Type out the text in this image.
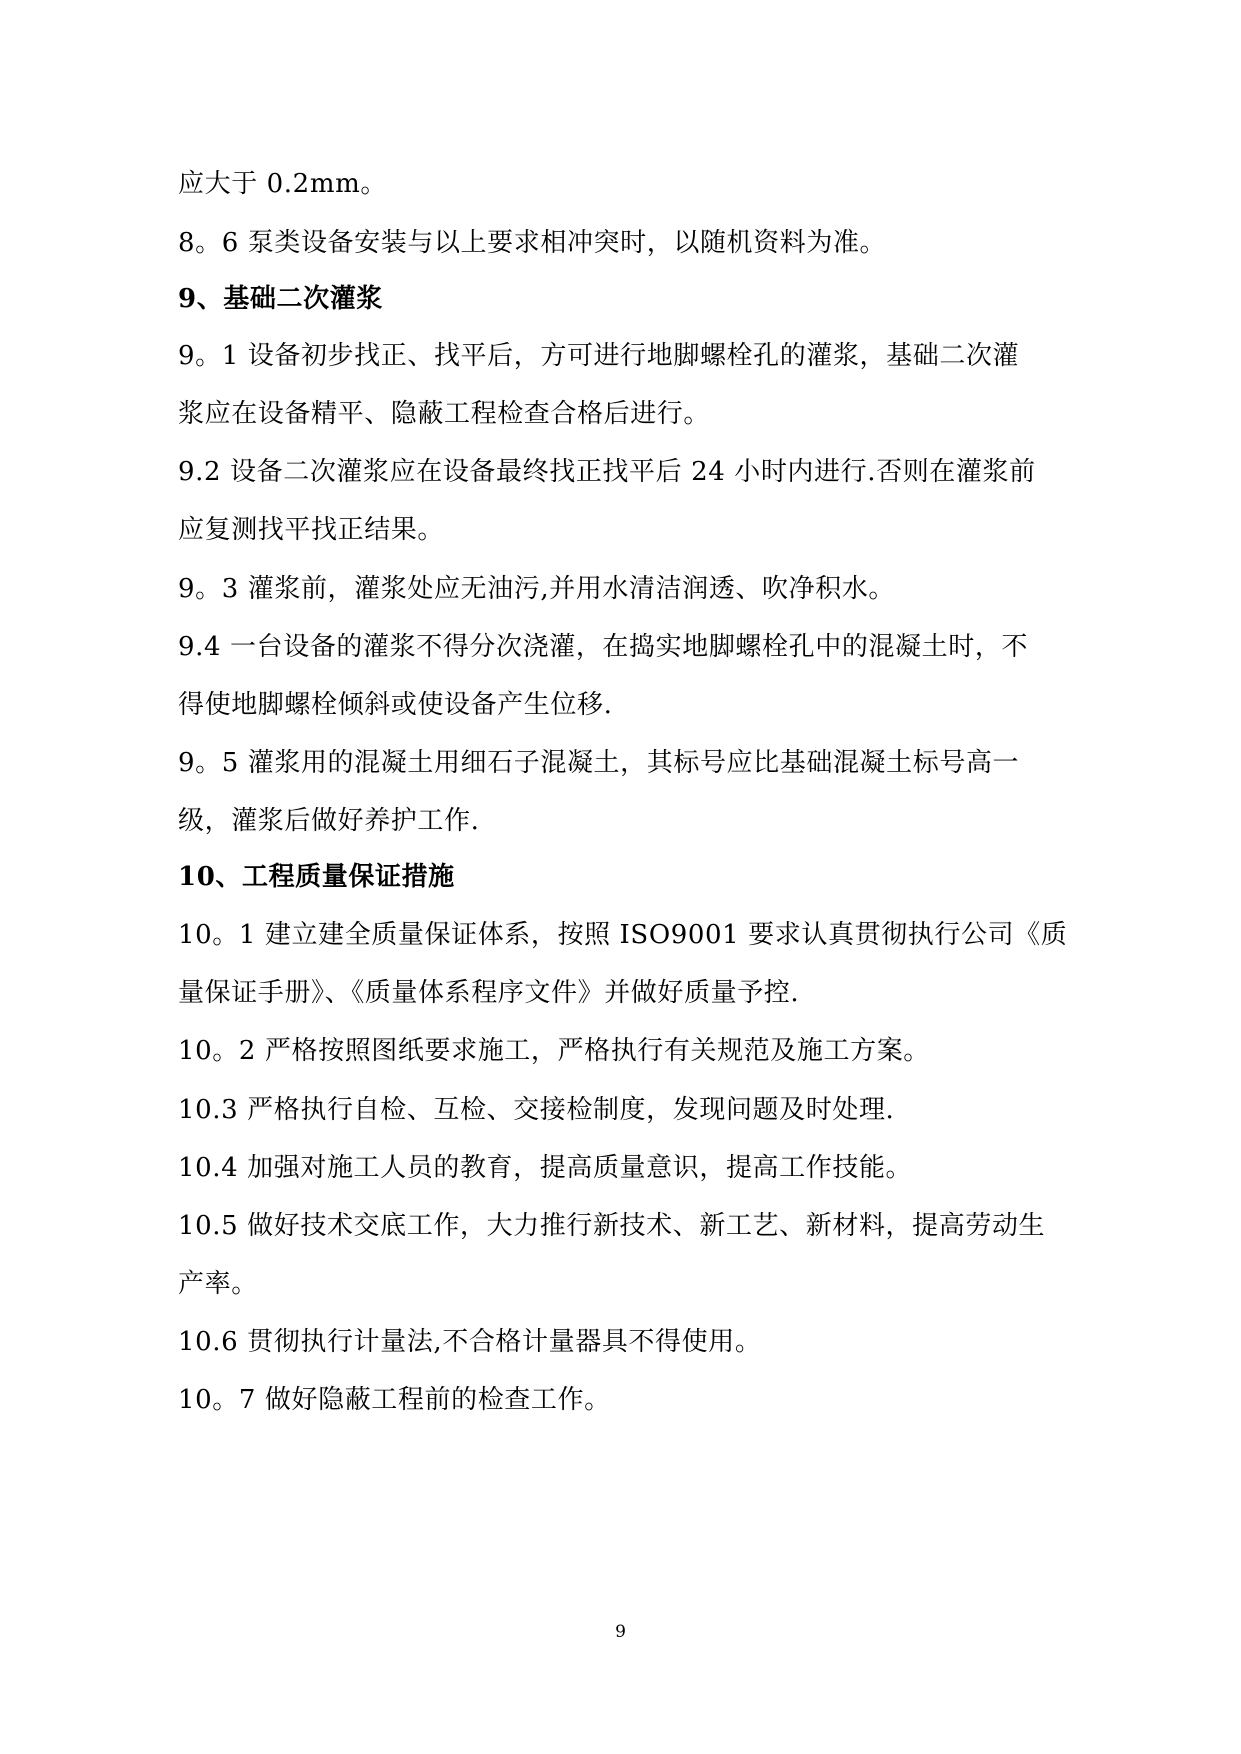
应大于 0.2mm。
8。6 泵类设备安装与以上要求相冲突时，以随机资料为准。
9、基础二次灌浆
9。1 设备初步找正、找平后，方可进行地脚螺栓孔的灌浆，基础二次灌
浆应在设备精平、隐蔽工程检查合格后进行。
9.2 设备二次灌浆应在设备最终找正找平后 24 小时内进行.否则在灌浆前
应复测找平找正结果。
9。3 灌浆前，灌浆处应无油污,并用水清洁润透、吹净积水。
9.4 一台设备的灌浆不得分次浇灌，在捣实地脚螺栓孔中的混凝土时，不
得使地脚螺栓倾斜或使设备产生位移.
9。5 灌浆用的混凝土用细石子混凝土，其标号应比基础混凝土标号高一
级，灌浆后做好养护工作.
10、工程质量保证措施
10。1 建立建全质量保证体系，按照 ISO9001 要求认真贯彻执行公司《质
量保证手册》、《质量体系程序文件》并做好质量予控.
10。2 严格按照图纸要求施工，严格执行有关规范及施工方案。
10.3 严格执行自检、互检、交接检制度，发现问题及时处理.
10.4 加强对施工人员的教育，提高质量意识，提高工作技能。
10.5 做好技术交底工作，大力推行新技术、新工艺、新材料，提高劳动生
产率。
10.6 贯彻执行计量法,不合格计量器具不得使用。
10。7 做好隐蔽工程前的检查工作。
9
